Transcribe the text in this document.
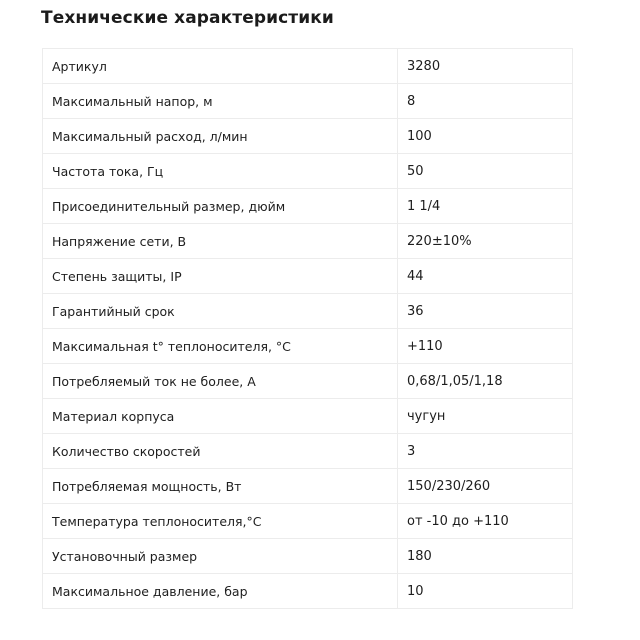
Технические характеристики
Артикул	3280
Максимальный напор, м	8
Максимальный расход, л/мин	100
Частота тока, Гц	50
Присоединительный размер, дюйм	1 1/4
Напряжение сети, В	220±10%
Степень защиты, IP	44
Гарантийный срок	36
Максимальная t° теплоносителя, °C	+110
Потребляемый ток не более, А	0,68/1,05/1,18
Материал корпуса	чугун
Количество скоростей	3
Потребляемая мощность, Вт	150/230/260
Температура теплоносителя,°C	от -10 до +110
Установочный размер	180
Максимальное давление, бар	10
